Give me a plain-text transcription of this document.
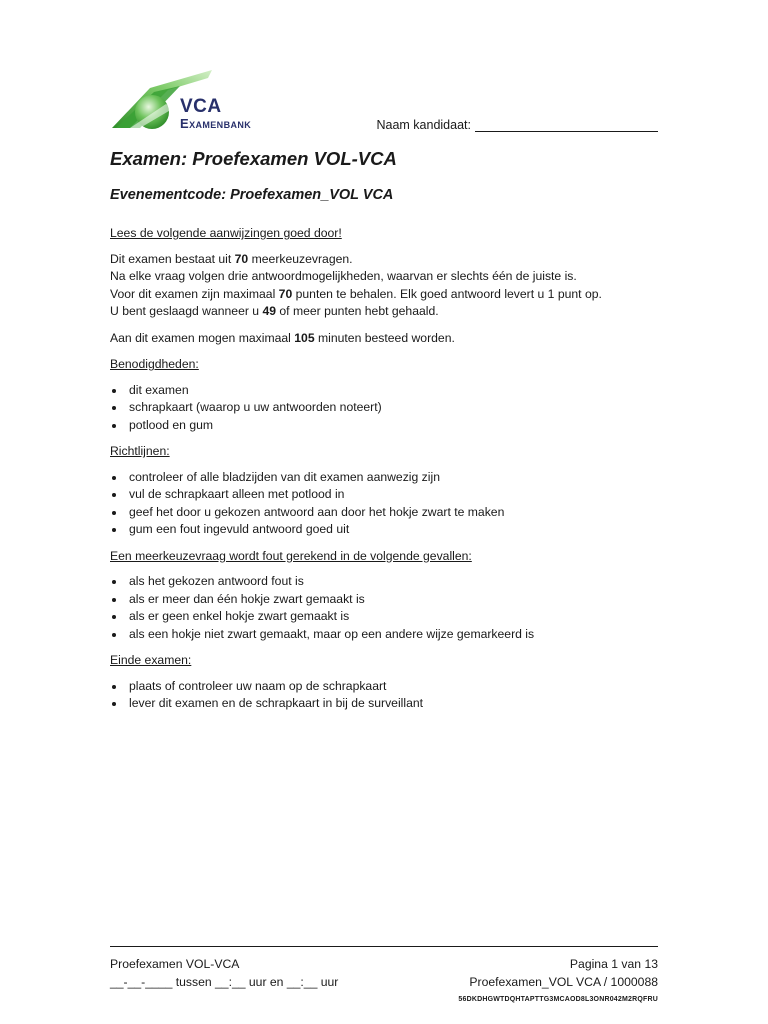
VCA
Examenbank	Naam kandidaat:
Examen: Proefexamen VOL-VCA
Evenementcode: Proefexamen_VOL VCA

Lees de volgende aanwijzingen goed door!

Dit examen bestaat uit 70 meerkeuzevragen.

Na elke vraag volgen drie antwoordmogelijkheden, waarvan er slechts één de juiste is.

Voor dit examen zijn maximaal 70 punten te behalen. Elk goed antwoord levert u 1 punt op.

U bent geslaagd wanneer u 49 of meer punten hebt gehaald.

Aan dit examen mogen maximaal 105 minuten besteed worden.

Benodigdheden:

dit examen
schrapkaart (waarop u uw antwoorden noteert)
potlood en gum

Richtlijnen:

controleer of alle bladzijden van dit examen aanwezig zijn
vul de schrapkaart alleen met potlood in
geef het door u gekozen antwoord aan door het hokje zwart te maken
gum een fout ingevuld antwoord goed uit

Een meerkeuzevraag wordt fout gerekend in de volgende gevallen:

als het gekozen antwoord fout is
als er meer dan één hokje zwart gemaakt is
als er geen enkel hokje zwart gemaakt is
als een hokje niet zwart gemaakt, maar op een andere wijze gemarkeerd is

Einde examen:

plaats of controleer uw naam op de schrapkaart
lever dit examen en de schrapkaart in bij de surveillant
Proefexamen VOL-VCA	Pagina 1 van 13
__-__-____ tussen __:__ uur en __:__ uur	Proefexamen_VOL VCA / 1000088
56DKDHGWTDQHTAPTTG3MCAOD8L3ONR042M2RQFRU
